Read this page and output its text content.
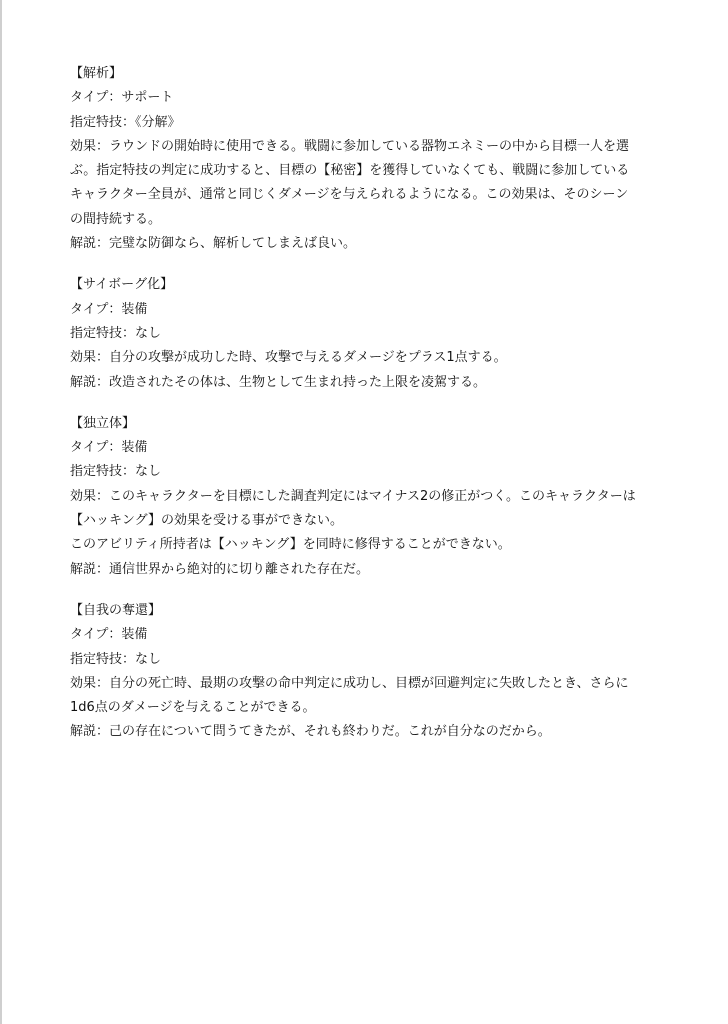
【解析】
タイプ：サポート
指定特技：《分解》
効果：ラウンドの開始時に使用できる。戦闘に参加している器物エネミーの中から目標一人を選
ぶ。指定特技の判定に成功すると、目標の【秘密】を獲得していなくても、戦闘に参加している
キャラクター全員が、通常と同じくダメージを与えられるようになる。この効果は、そのシーン
の間持続する。
解説：完璧な防御なら、解析してしまえば良い。
【サイボーグ化】
タイプ：装備
指定特技：なし
効果：自分の攻撃が成功した時、攻撃で与えるダメージをプラス1点する。
解説：改造されたその体は、生物として生まれ持った上限を凌駕する。
【独立体】
タイプ：装備
指定特技：なし
効果：このキャラクターを目標にした調査判定にはマイナス2の修正がつく。このキャラクターは
【ハッキング】の効果を受ける事ができない。
このアビリティ所持者は【ハッキング】を同時に修得することができない。
解説：通信世界から絶対的に切り離された存在だ。
【自我の奪還】
タイプ：装備
指定特技：なし
効果：自分の死亡時、最期の攻撃の命中判定に成功し、目標が回避判定に失敗したとき、さらに
1d6点のダメージを与えることができる。
解説：己の存在について問うてきたが、それも終わりだ。これが自分なのだから。
